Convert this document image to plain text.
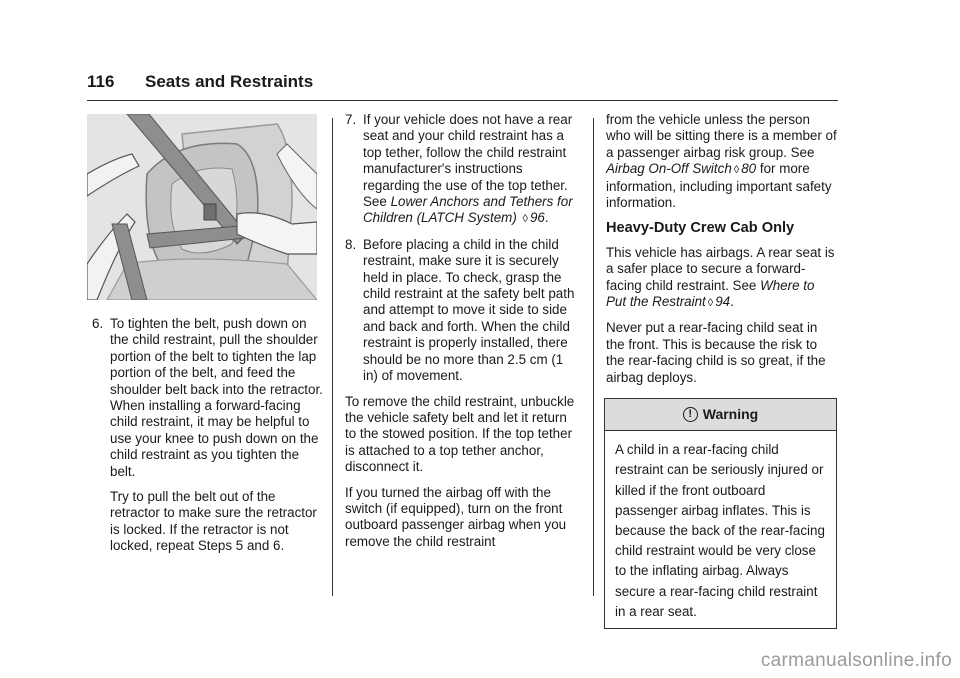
116 Seats and Restraints
6. To tighten the belt, push down on the child restraint, pull the shoulder portion of the belt to tighten the lap portion of the belt, and feed the shoulder belt back into the retractor. When installing a forward-facing child restraint, it may be helpful to use your knee to push down on the child restraint as you tighten the belt.
Try to pull the belt out of the retractor to make sure the retractor is locked. If the retractor is not locked, repeat Steps 5 and 6.
7. If your vehicle does not have a rear seat and your child restraint has a top tether, follow the child restraint manufacturer's instructions regarding the use of the top tether. See Lower Anchors and Tethers for Children (LATCH System) ◊ 96.
8. Before placing a child in the child restraint, make sure it is securely held in place. To check, grasp the child restraint at the safety belt path and attempt to move it side to side and back and forth. When the child restraint is properly installed, there should be no more than 2.5 cm (1 in) of movement.
To remove the child restraint, unbuckle the vehicle safety belt and let it return to the stowed position. If the top tether is attached to a top tether anchor, disconnect it.
If you turned the airbag off with the switch (if equipped), turn on the front outboard passenger airbag when you remove the child restraint
from the vehicle unless the person who will be sitting there is a member of a passenger airbag risk group. See Airbag On-Off Switch ◊ 80 for more information, including important safety information.
Heavy-Duty Crew Cab Only
This vehicle has airbags. A rear seat is a safer place to secure a forward-facing child restraint. See Where to Put the Restraint ◊ 94.
Never put a rear-facing child seat in the front. This is because the risk to the rear-facing child is so great, if the airbag deploys.
! Warning
A child in a rear-facing child restraint can be seriously injured or killed if the front outboard passenger airbag inflates. This is because the back of the rear-facing child restraint would be very close to the inflating airbag. Always secure a rear-facing child restraint in a rear seat.
carmanualsonline.info
